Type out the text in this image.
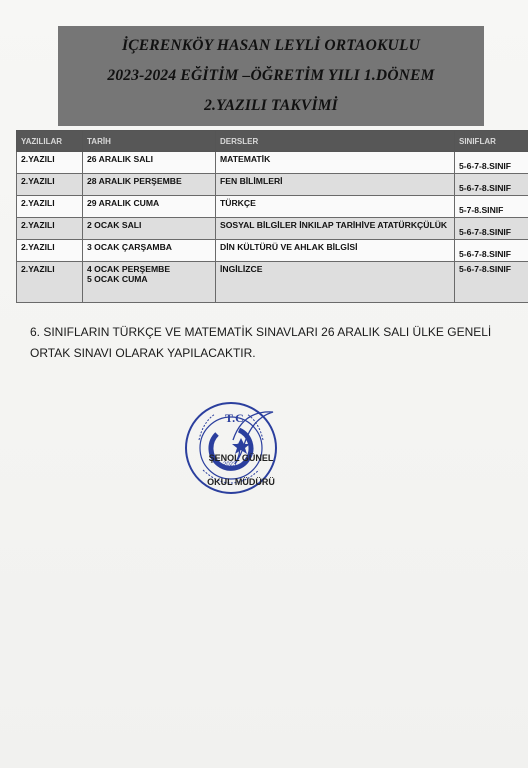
İÇERENKÖY HASAN LEYLİ ORTAOKULU
2023-2024 EĞİTİM –ÖĞRETİM YILI 1.DÖNEM
2.YAZILI TAKVİMİ
YAZILILAR	TARİH	DERSLER	SINIFLAR
2.YAZILI	26 ARALIK SALI	MATEMATİK	5-6-7-8.SINIF
2.YAZILI	28 ARALIK PERŞEMBE	FEN BİLİMLERİ	5-6-7-8.SINIF
2.YAZILI	29 ARALIK CUMA	TÜRKÇE	5-7-8.SINIF
2.YAZILI	2 OCAK SALI	SOSYAL BİLGİLER İNKILAP TARİHİVE ATATÜRKÇÜLÜK	5-6-7-8.SINIF
2.YAZILI	3 OCAK ÇARŞAMBA	DİN KÜLTÜRÜ VE AHLAK BİLGİSİ	5-6-7-8.SINIF
2.YAZILI	4 OCAK PERŞEMBE
5 OCAK CUMA	İNGİLİZCE	5-6-7-8.SINIF
6. SINIFLARIN TÜRKÇE VE MATEMATİK SINAVLARI 26 ARALIK SALI ÜLKE GENELİ ORTAK SINAVI OLARAK YAPILACAKTIR.
T.C
2023
ŞENOL GÜNEL
OKUL MÜDÜRÜ
